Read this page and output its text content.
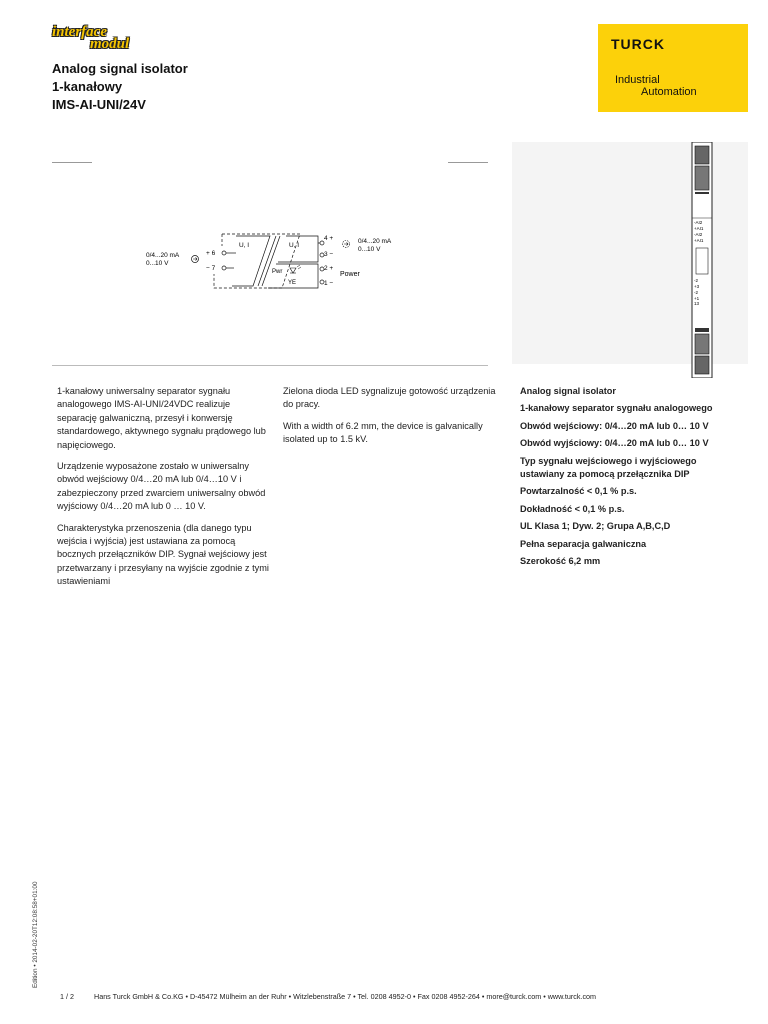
interface
modul
Analog signal isolator
1-kanałowy
IMS-AI-UNI/24V
TURCK
Industrial
Automation
0/4...20 mA
0...10 V
+ 6
− 7
U, I	U, I
Pwr
YE
4 +
3 −
2 +
1 −
0/4...20 mA
0...10 V
Power
-AI2
+AI1
-AI2
+AI1
-2
+3
-2
+1
13

1-kanałowy uniwersalny separator sygnału analogowego IMS-AI-UNI/24VDC realizuje separację galwaniczną, przesył i konwersję standardowego, aktywnego sygnału prądowego lub napięciowego.

Urządzenie wyposażone zostało w uniwersalny obwód wejściowy 0/4…20 mA lub 0/4…10 V i zabezpieczony przed zwarciem uniwersalny obwód wyjściowy 0/4…20 mA lub 0 … 10 V.

Charakterystyka przenoszenia (dla danego typu wejścia i wyjścia) jest ustawiana za pomocą bocznych przełączników DIP. Sygnał wejściowy jest przetwarzany i przesyłany na wyjście zgodnie z tymi ustawieniami

Zielona dioda LED sygnalizuje gotowość urządzenia do pracy.

With a width of 6.2 mm, the device is galvanically isolated up to 1.5 kV.

Analog signal isolator

1-kanałowy separator sygnału analogowego

Obwód wejściowy: 0/4…20 mA lub 0… 10 V

Obwód wyjściowy: 0/4…20 mA lub 0… 10 V

Typ sygnału wejściowego i wyjściowego ustawiany za pomocą przełącznika DIP

Powtarzalność < 0,1 % p.s.

Dokładność < 0,1 % p.s.

UL Klasa 1; Dyw. 2; Grupa A,B,C,D

Pełna separacja galwaniczna

Szerokość 6,2 mm

Edition • 2014-02-20T12:08:58+01:00
1 / 2	Hans Turck GmbH & Co.KG • D-45472 Mülheim an der Ruhr • Witzlebenstraße 7 • Tel. 0208 4952-0 • Fax 0208 4952-264 • more@turck.com • www.turck.com
